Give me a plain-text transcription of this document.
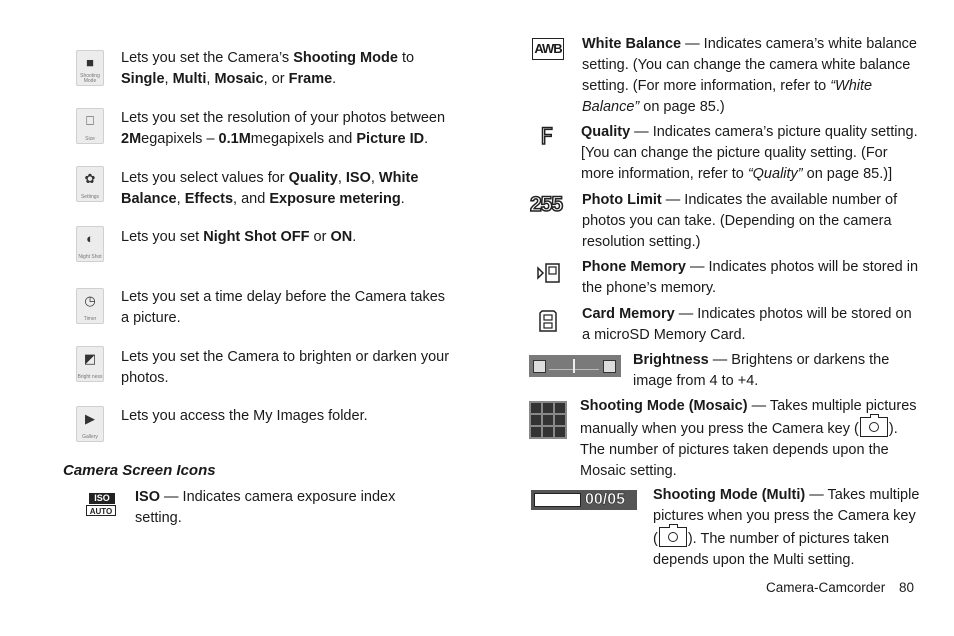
■
Shooting Mode
Lets you set the Camera’s Shooting Mode to Single, Multi, Mosaic, or Frame.
⎕
Size
Lets you set the resolution of your photos between 2Megapixels – 0.1Mmegapixels and Picture ID.
✿
Settings
Lets you select values for Quality, ISO, White Balance, Effects, and Exposure metering.
◐
Night Shot
Lets you set Night Shot OFF or ON.
◷
Timer
Lets you set a time delay before the Camera takes a picture.
◩
Bright ness
Lets you set the Camera to brighten or darken your photos.
▶
Gallery
Lets you access the My Images folder.
Camera Screen Icons
ISO
AUTO
ISO — Indicates camera exposure index setting.
AWB White Balance — Indicates camera’s white balance setting. (You can change the camera white balance setting. (For more information, refer to “White Balance” on page 85.)
F Quality — Indicates camera’s picture quality setting.
[You can change the picture quality setting. (For more information, refer to “Quality” on page 85.)]
255	Photo Limit — Indicates the available number of photos you can take. (Depending on the camera resolution setting.)
Phone Memory — Indicates photos will be stored in the phone’s memory.
Card Memory — Indicates photos will be stored on a microSD Memory Card.
Brightness — Brightens or darkens the image from 4 to +4.
Shooting Mode (Mosaic) — Takes multiple pictures manually when you press the Camera key ( ). The number of pictures taken depends upon the Mosaic setting.
00/05	Shooting Mode (Multi) — Takes multiple pictures when you press the Camera key ( ). The number of pictures taken depends upon the Multi setting.
Camera-Camcorder 80
